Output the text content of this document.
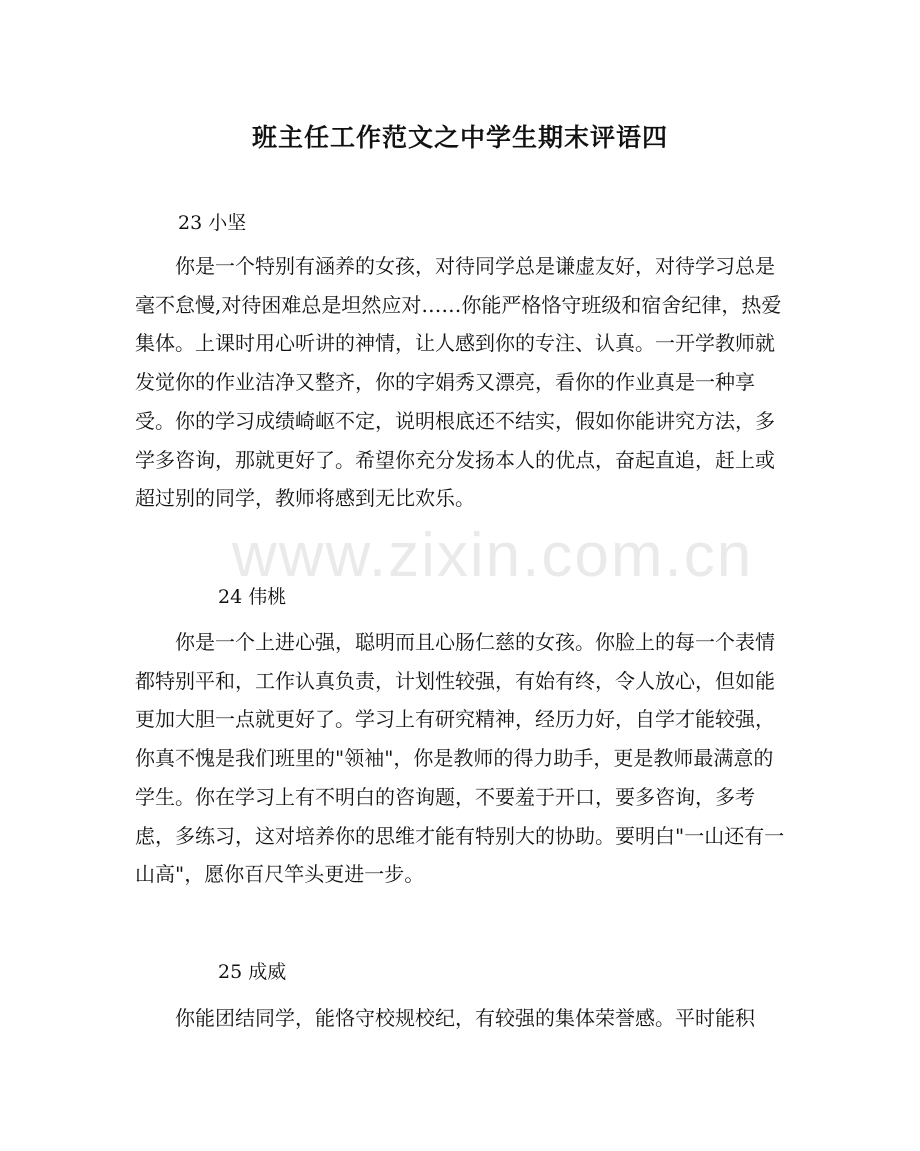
www.zixin.com.cn
班主任工作范文之中学生期末评语四
23 小坚

你是一个特别有涵养的女孩，对待同学总是谦虚友好，对待学习总是毫不怠慢,对待困难总是坦然应对……你能严格恪守班级和宿舍纪律，热爱集体。上课时用心听讲的神情，让人感到你的专注、认真。一开学教师就发觉你的作业洁净又整齐，你的字娟秀又漂亮，看你的作业真是一种享受。你的学习成绩崎岖不定，说明根底还不结实，假如你能讲究方法，多学多咨询，那就更好了。希望你充分发扬本人的优点，奋起直追，赶上或超过别的同学，教师将感到无比欢乐。

24 伟桃

你是一个上进心强，聪明而且心肠仁慈的女孩。你脸上的每一个表情都特别平和，工作认真负责，计划性较强，有始有终，令人放心，但如能更加大胆一点就更好了。学习上有研究精神，经历力好，自学才能较强，你真不愧是我们班里的"领袖"，你是教师的得力助手，更是教师最满意的学生。你在学习上有不明白的咨询题，不要羞于开口，要多咨询，多考虑，多练习，这对培养你的思维才能有特别大的协助。要明白"一山还有一山高"，愿你百尺竿头更进一步。

25 成威

你能团结同学，能恪守校规校纪，有较强的集体荣誉感。平时能积
